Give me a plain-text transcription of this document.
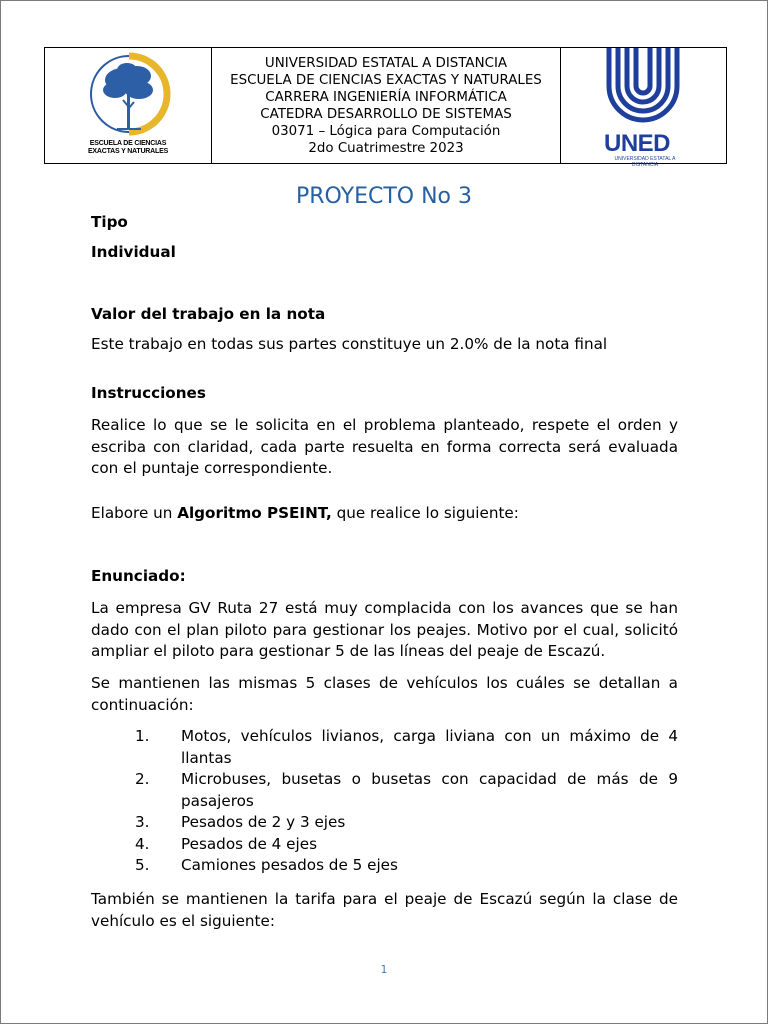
ESCUELA DE CIENCIAS
EXACTAS Y NATURALES
UNIVERSIDAD ESTATAL A DISTANCIA
ESCUELA DE CIENCIAS EXACTAS Y NATURALES
CARRERA INGENIERÍA INFORMÁTICA
CATEDRA DESARROLLO DE SISTEMAS
03071 – Lógica para Computación
2do Cuatrimestre 2023	UNED
UNIVERSIDAD ESTATAL A DISTANCIA
PROYECTO No 3
Tipo
Individual
Valor del trabajo en la nota
Este trabajo en todas sus partes constituye un 2.0% de la nota final
Instrucciones
Realice lo que se le solicita en el problema planteado, respete el orden y escriba con claridad, cada parte resuelta en forma correcta será evaluada con el puntaje correspondiente.
Elabore un Algoritmo PSEINT, que realice lo siguiente:
Enunciado:
La empresa GV Ruta 27 está muy complacida con los avances que se han dado con el plan piloto para gestionar los peajes. Motivo por el cual, solicitó ampliar el piloto para gestionar 5 de las líneas del peaje de Escazú.
Se mantienen las mismas 5 clases de vehículos los cuáles se detallan a continuación:
1.	Motos, vehículos livianos, carga liviana con un máximo de 4 llantas
2.	Microbuses, busetas o busetas con capacidad de más de 9 pasajeros
3.	Pesados de 2 y 3 ejes
4.	Pesados de 4 ejes
5.	Camiones pesados de 5 ejes
También se mantienen la tarifa para el peaje de Escazú según la clase de vehículo es el siguiente:
1
